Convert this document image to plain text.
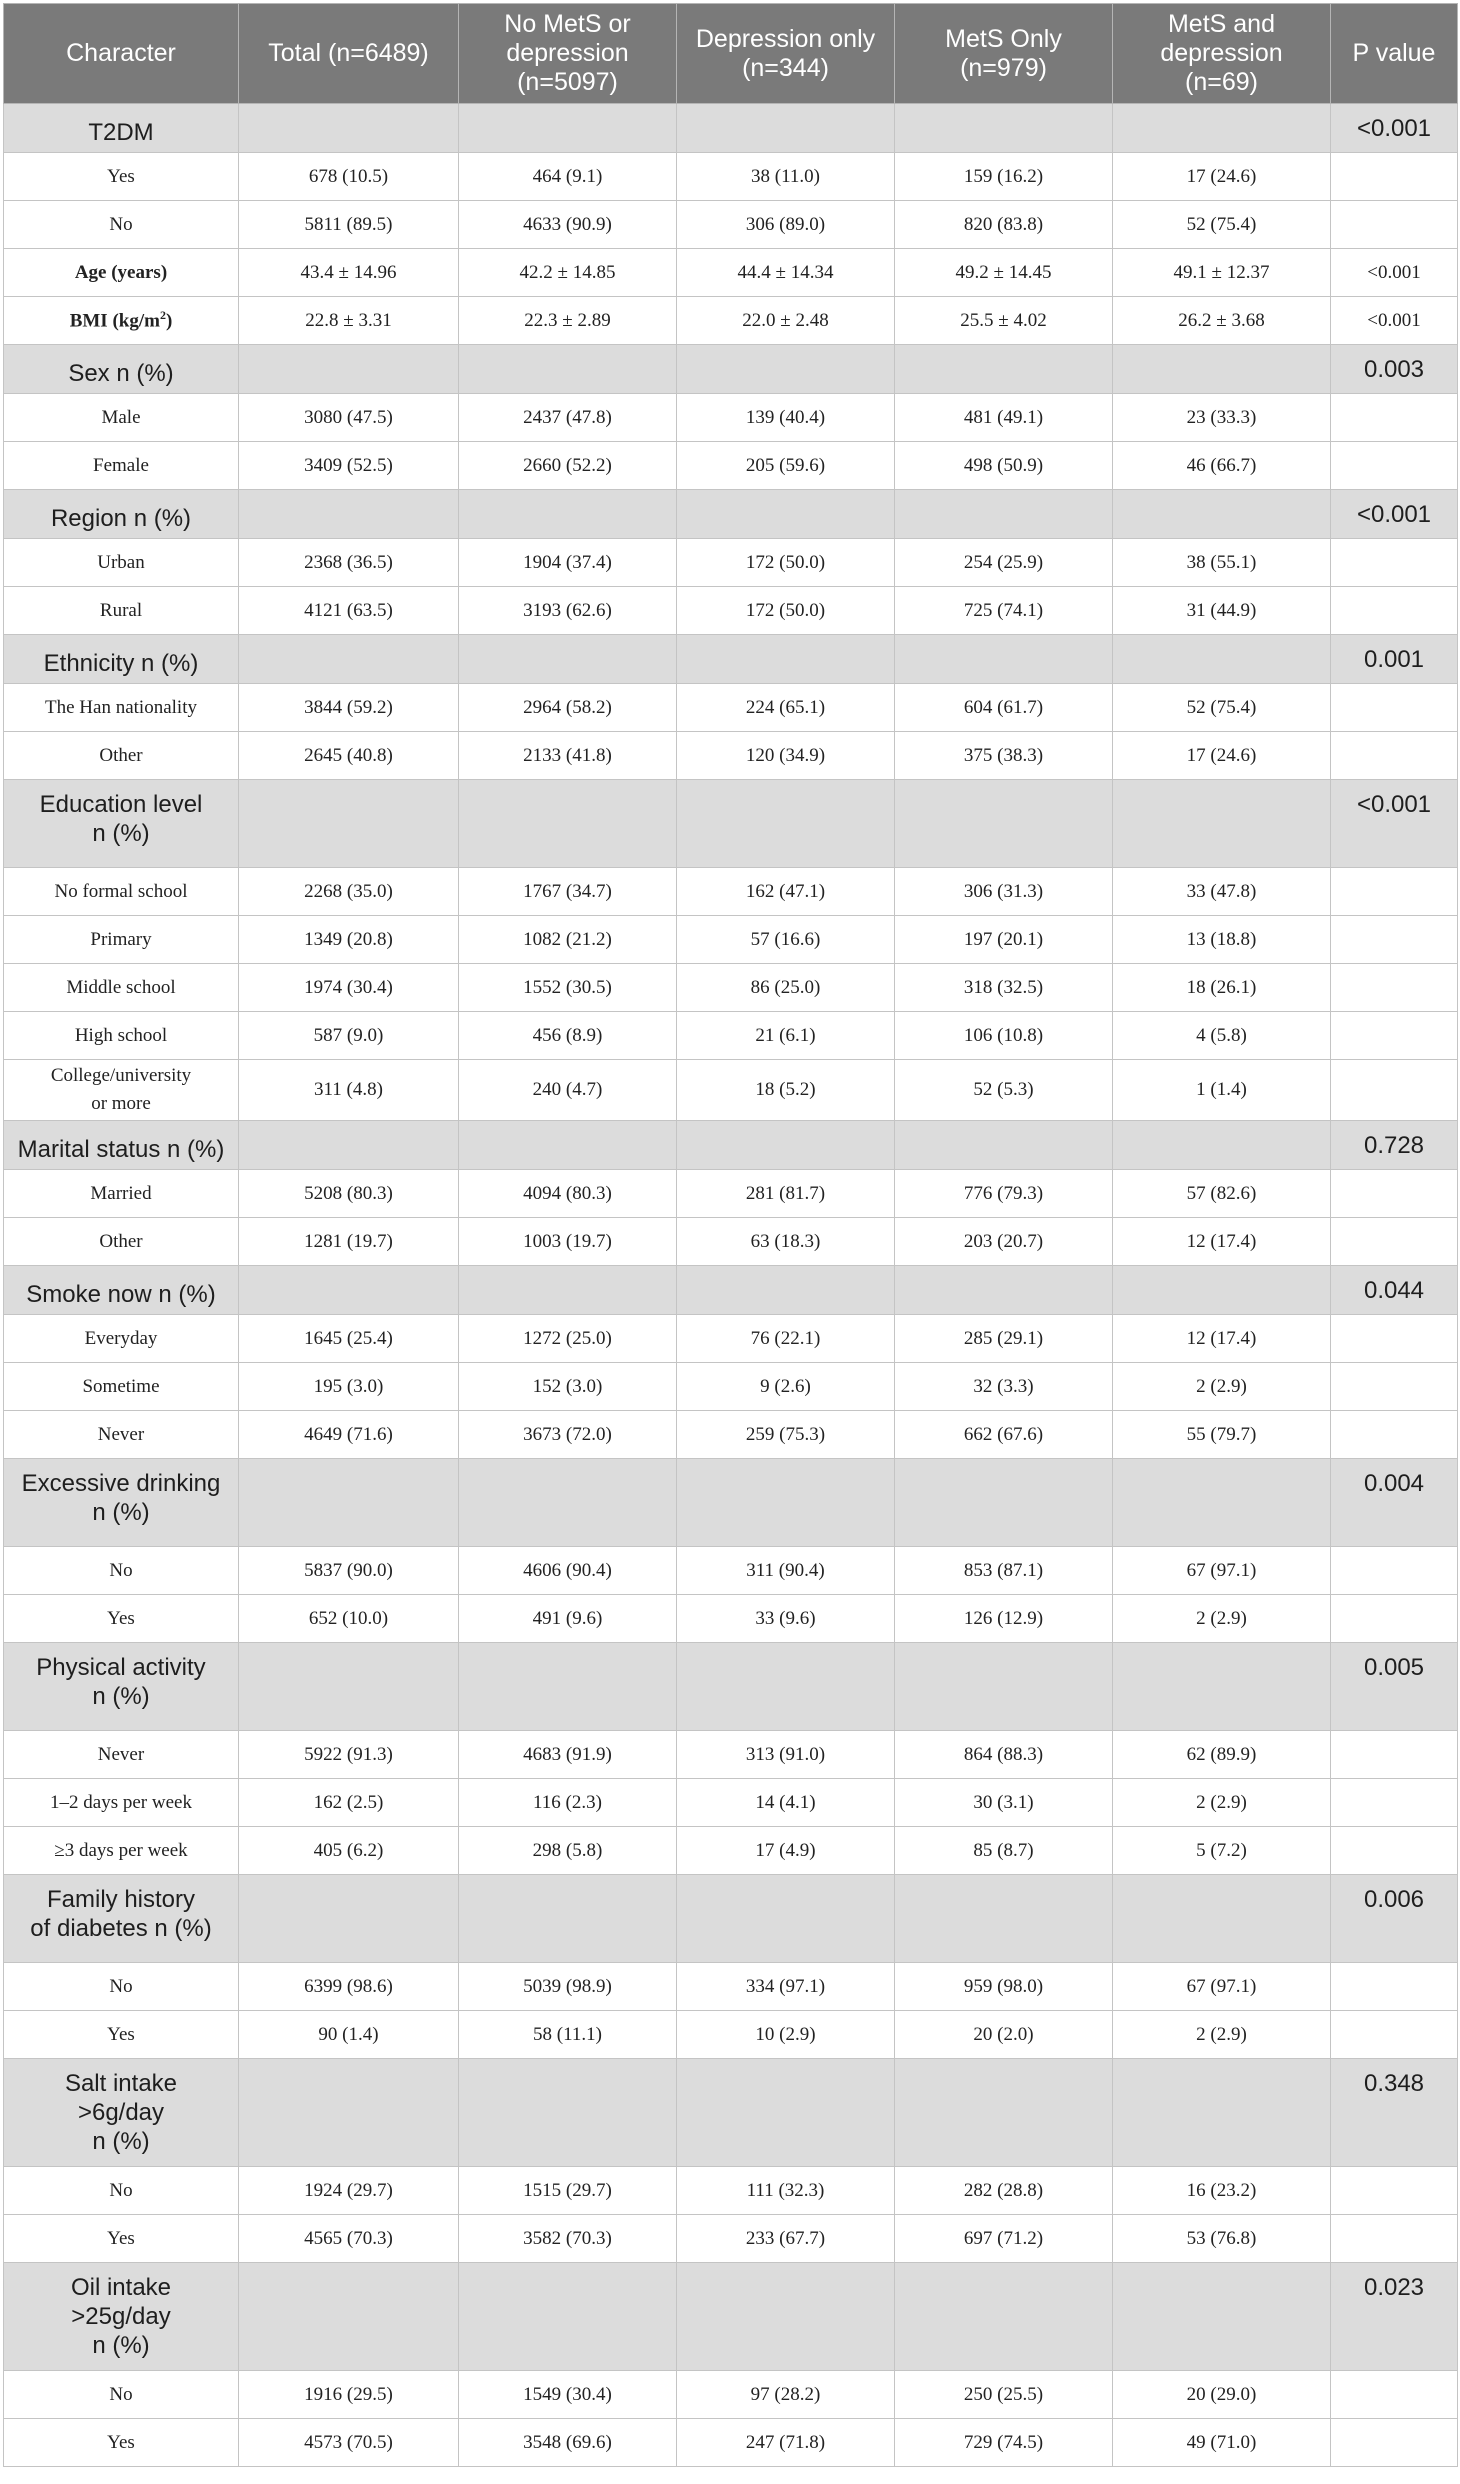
Character	Total (n=6489)	No MetS or depression (n=5097)	Depression only (n=344)	MetS Only (n=979)	MetS and depression (n=69)	P value
T2DM						<0.001
Yes	678 (10.5)	464 (9.1)	38 (11.0)	159 (16.2)	17 (24.6)	
No	5811 (89.5)	4633 (90.9)	306 (89.0)	820 (83.8)	52 (75.4)	
Age (years)	43.4 ± 14.96	42.2 ± 14.85	44.4 ± 14.34	49.2 ± 14.45	49.1 ± 12.37	<0.001
BMI $(kg/m^2)$	22.8 ± 3.31	22.3 ± 2.89	22.0 ± 2.48	25.5 ± 4.02	26.2 ± 3.68	<0.001
Sex n (%)						0.003
Male	3080 (47.5)	2437 (47.8)	139 (40.4)	481 (49.1)	23 (33.3)	
Female	3409 (52.5)	2660 (52.2)	205 (59.6)	498 (50.9)	46 (66.7)	
Region n (%)						<0.001
Urban	2368 (36.5)	1904 (37.4)	172 (50.0)	254 (25.9)	38 (55.1)	
Rural	4121 (63.5)	3193 (62.6)	172 (50.0)	725 (74.1)	31 (44.9)	
Ethnicity n (%)						0.001
The Han nationality	3844 (59.2)	2964 (58.2)	224 (65.1)	604 (61.7)	52 (75.4)	
Other	2645 (40.8)	2133 (41.8)	120 (34.9)	375 (38.3)	17 (24.6)	
Education level
n (%)						<0.001
No formal school	2268 (35.0)	1767 (34.7)	162 (47.1)	306 (31.3)	33 (47.8)	
Primary	1349 (20.8)	1082 (21.2)	57 (16.6)	197 (20.1)	13 (18.8)	
Middle school	1974 (30.4)	1552 (30.5)	86 (25.0)	318 (32.5)	18 (26.1)	
High school	587 (9.0)	456 (8.9)	21 (6.1)	106 (10.8)	4 (5.8)	
College/university
or more	311 (4.8)	240 (4.7)	18 (5.2)	52 (5.3)	1 (1.4)	
Marital status n (%)						0.728
Married	5208 (80.3)	4094 (80.3)	281 (81.7)	776 (79.3)	57 (82.6)	
Other	1281 (19.7)	1003 (19.7)	63 (18.3)	203 (20.7)	12 (17.4)	
Smoke now n (%)						0.044
Everyday	1645 (25.4)	1272 (25.0)	76 (22.1)	285 (29.1)	12 (17.4)	
Sometime	195 (3.0)	152 (3.0)	9 (2.6)	32 (3.3)	2 (2.9)	
Never	4649 (71.6)	3673 (72.0)	259 (75.3)	662 (67.6)	55 (79.7)	
Excessive drinking
n (%)						0.004
No	5837 (90.0)	4606 (90.4)	311 (90.4)	853 (87.1)	67 (97.1)	
Yes	652 (10.0)	491 (9.6)	33 (9.6)	126 (12.9)	2 (2.9)	
Physical activity
n (%)						0.005
Never	5922 (91.3)	4683 (91.9)	313 (91.0)	864 (88.3)	62 (89.9)	
1–2 days per week	162 (2.5)	116 (2.3)	14 (4.1)	30 (3.1)	2 (2.9)	
≥3 days per week	405 (6.2)	298 (5.8)	17 (4.9)	85 (8.7)	5 (7.2)	
Family history
of diabetes n (%)						0.006
No	6399 (98.6)	5039 (98.9)	334 (97.1)	959 (98.0)	67 (97.1)	
Yes	90 (1.4)	58 (11.1)	10 (2.9)	20 (2.0)	2 (2.9)	
Salt intake
>6g/day
n (%)						0.348
No	1924 (29.7)	1515 (29.7)	111 (32.3)	282 (28.8)	16 (23.2)	
Yes	4565 (70.3)	3582 (70.3)	233 (67.7)	697 (71.2)	53 (76.8)	
Oil intake
>25g/day
n (%)						0.023
No	1916 (29.5)	1549 (30.4)	97 (28.2)	250 (25.5)	20 (29.0)	
Yes	4573 (70.5)	3548 (69.6)	247 (71.8)	729 (74.5)	49 (71.0)	
